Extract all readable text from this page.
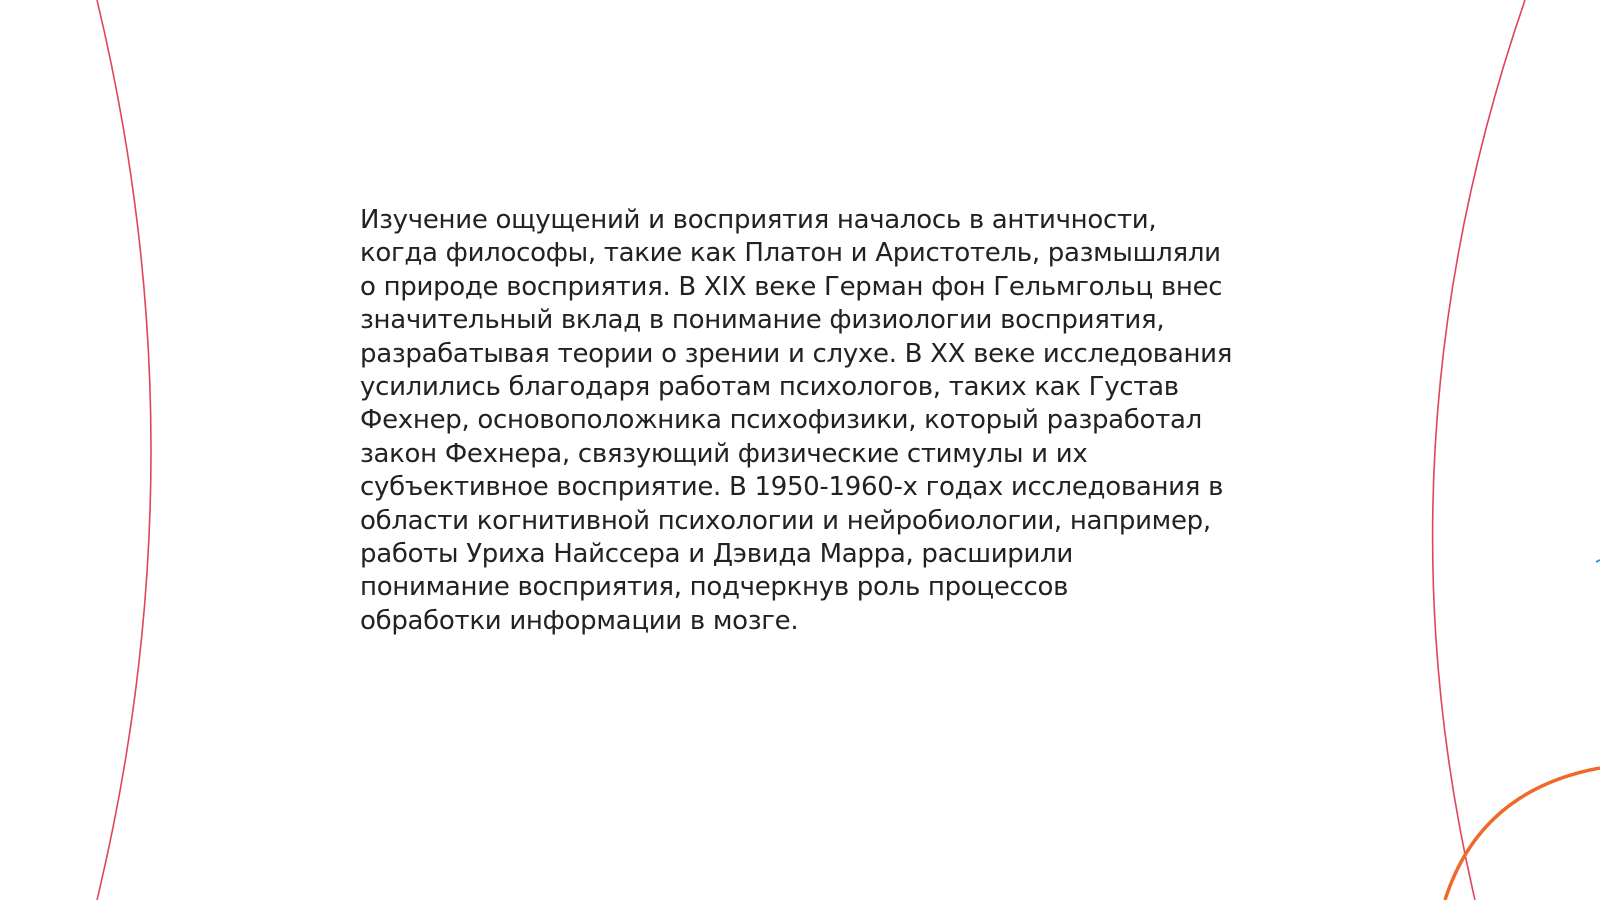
Изучение ощущений и восприятия началось в античности,
когда философы, такие как Платон и Аристотель, размышляли
о природе восприятия. В XIX веке Герман фон Гельмгольц внес
значительный вклад в понимание физиологии восприятия,
разрабатывая теории о зрении и слухе. В XX веке исследования
усилились благодаря работам психологов, таких как Густав
Фехнер, основоположника психофизики, который разработал
закон Фехнера, связующий физические стимулы и их
субъективное восприятие. В 1950-1960-х годах исследования в
области когнитивной психологии и нейробиологии, например,
работы Уриха Найссера и Дэвида Марра, расширили
понимание восприятия, подчеркнув роль процессов
обработки информации в мозге.
